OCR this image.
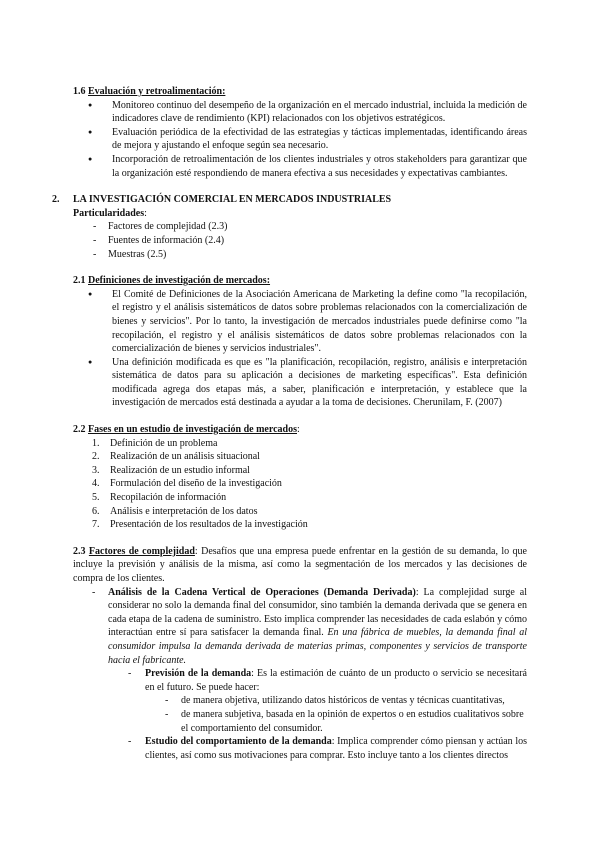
1.6 Evaluación y retroalimentación:
● Monitoreo continuo del desempeño de la organización en el mercado industrial, incluida la medición de indicadores clave de rendimiento (KPI) relacionados con los objetivos estratégicos.
● Evaluación periódica de la efectividad de las estrategias y tácticas implementadas, identificando áreas de mejora y ajustando el enfoque según sea necesario.
● Incorporación de retroalimentación de los clientes industriales y otros stakeholders para garantizar que la organización esté respondiendo de manera efectiva a sus necesidades y expectativas cambiantes.
2. LA INVESTIGACIÓN COMERCIAL EN MERCADOS INDUSTRIALES
Particularidades:
- Factores de complejidad (2.3)
- Fuentes de información (2.4)
- Muestras (2.5)
2.1 Definiciones de investigación de mercados:
● El Comité de Definiciones de la Asociación Americana de Marketing la define como "la recopilación, el registro y el análisis sistemáticos de datos sobre problemas relacionados con la comercialización de bienes y servicios". Por lo tanto, la investigación de mercados industriales puede definirse como "la recopilación, el registro y el análisis sistemáticos de datos sobre problemas relacionados con la comercialización de bienes y servicios industriales".
● Una definición modificada es que es "la planificación, recopilación, registro, análisis e interpretación sistemática de datos para su aplicación a decisiones de marketing específicas". Esta definición modificada agrega dos etapas más, a saber, planificación e interpretación, y establece que la investigación de mercados está destinada a ayudar a la toma de decisiones. Cherunilam, F. (2007)
2.2 Fases en un estudio de investigación de mercados:
1. Definición de un problema
2. Realización de un análisis situacional
3. Realización de un estudio informal
4. Formulación del diseño de la investigación
5. Recopilación de información
6. Análisis e interpretación de los datos
7. Presentación de los resultados de la investigación
2.3 Factores de complejidad: Desafíos que una empresa puede enfrentar en la gestión de su demanda, lo que incluye la previsión y análisis de la misma, así como la segmentación de los mercados y las decisiones de compra de los clientes.
- Análisis de la Cadena Vertical de Operaciones (Demanda Derivada): La complejidad surge al considerar no solo la demanda final del consumidor, sino también la demanda derivada que se genera en cada etapa de la cadena de suministro. Esto implica comprender las necesidades de cada eslabón y cómo interactúan entre sí para satisfacer la demanda final. En una fábrica de muebles, la demanda final al consumidor impulsa la demanda derivada de materias primas, componentes y servicios de transporte hacia el fabricante.
- Previsión de la demanda: Es la estimación de cuánto de un producto o servicio se necesitará en el futuro. Se puede hacer:
- de manera objetiva, utilizando datos históricos de ventas y técnicas cuantitativas,
- de manera subjetiva, basada en la opinión de expertos o en estudios cualitativos sobre el comportamiento del consumidor.
- Estudio del comportamiento de la demanda: Implica comprender cómo piensan y actúan los clientes, así como sus motivaciones para comprar. Esto incluye tanto a los clientes directos
